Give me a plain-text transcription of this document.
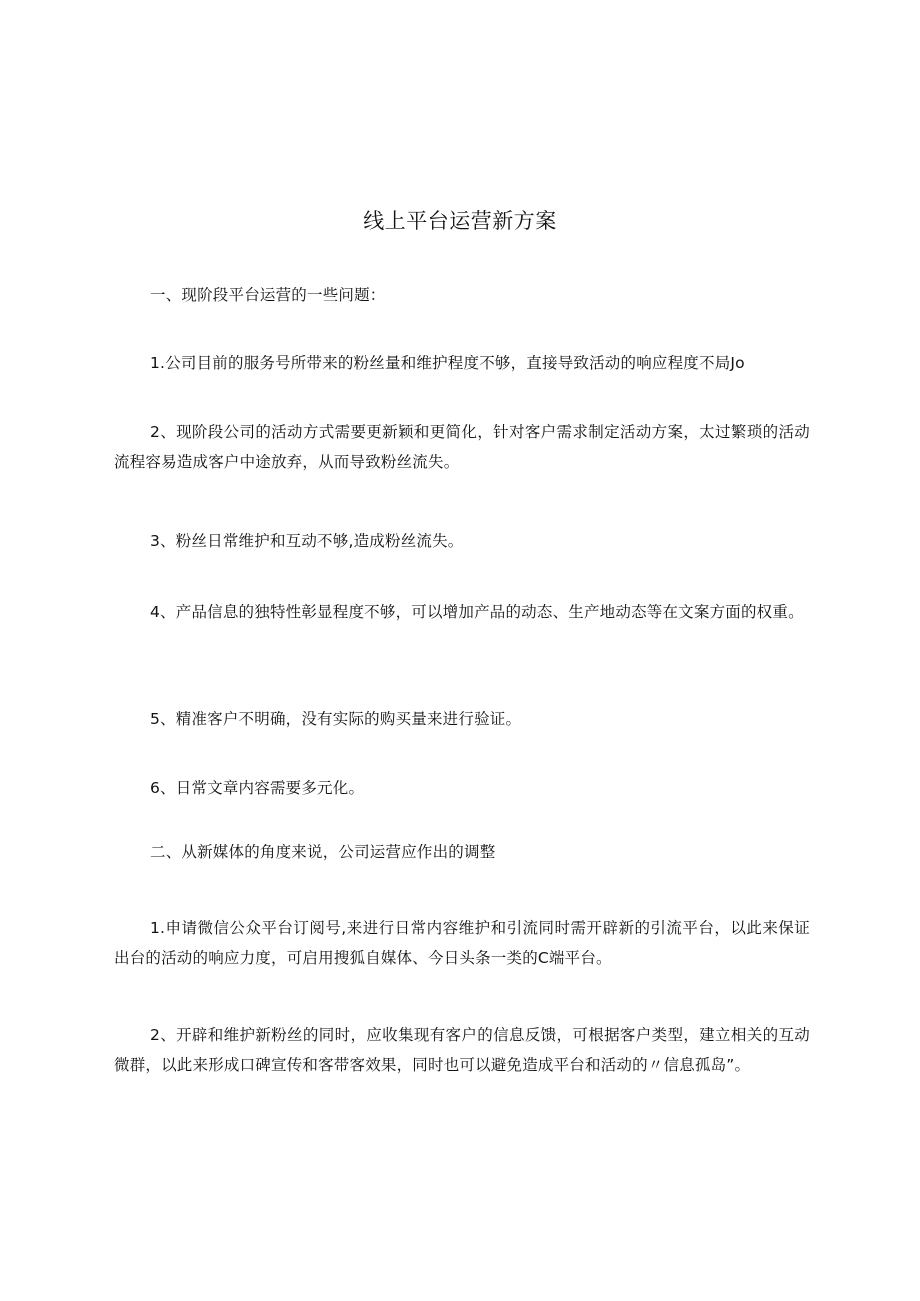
线上平台运营新方案
一、现阶段平台运营的一些问题：
1.公司目前的服务号所带来的粉丝量和维护程度不够，直接导致活动的响应程度不局Jo
2、现阶段公司的活动方式需要更新颖和更简化，针对客户需求制定活动方案，太过繁琐的活动流程容易造成客户中途放弃，从而导致粉丝流失。
3、粉丝日常维护和互动不够,造成粉丝流失。
4、产品信息的独特性彰显程度不够，可以增加产品的动态、生产地动态等在文案方面的权重。
5、精准客户不明确，没有实际的购买量来进行验证。
6、日常文章内容需要多元化。
二、从新媒体的角度来说，公司运营应作出的调整
1.申请微信公众平台订阅号,来进行日常内容维护和引流同时需开辟新的引流平台，以此来保证出台的活动的响应力度，可启用搜狐自媒体、今日头条一类的C端平台。
2、开辟和维护新粉丝的同时，应收集现有客户的信息反馈，可根据客户类型，建立相关的互动微群，以此来形成口碑宣传和客带客效果，同时也可以避免造成平台和活动的〃信息孤岛”。
